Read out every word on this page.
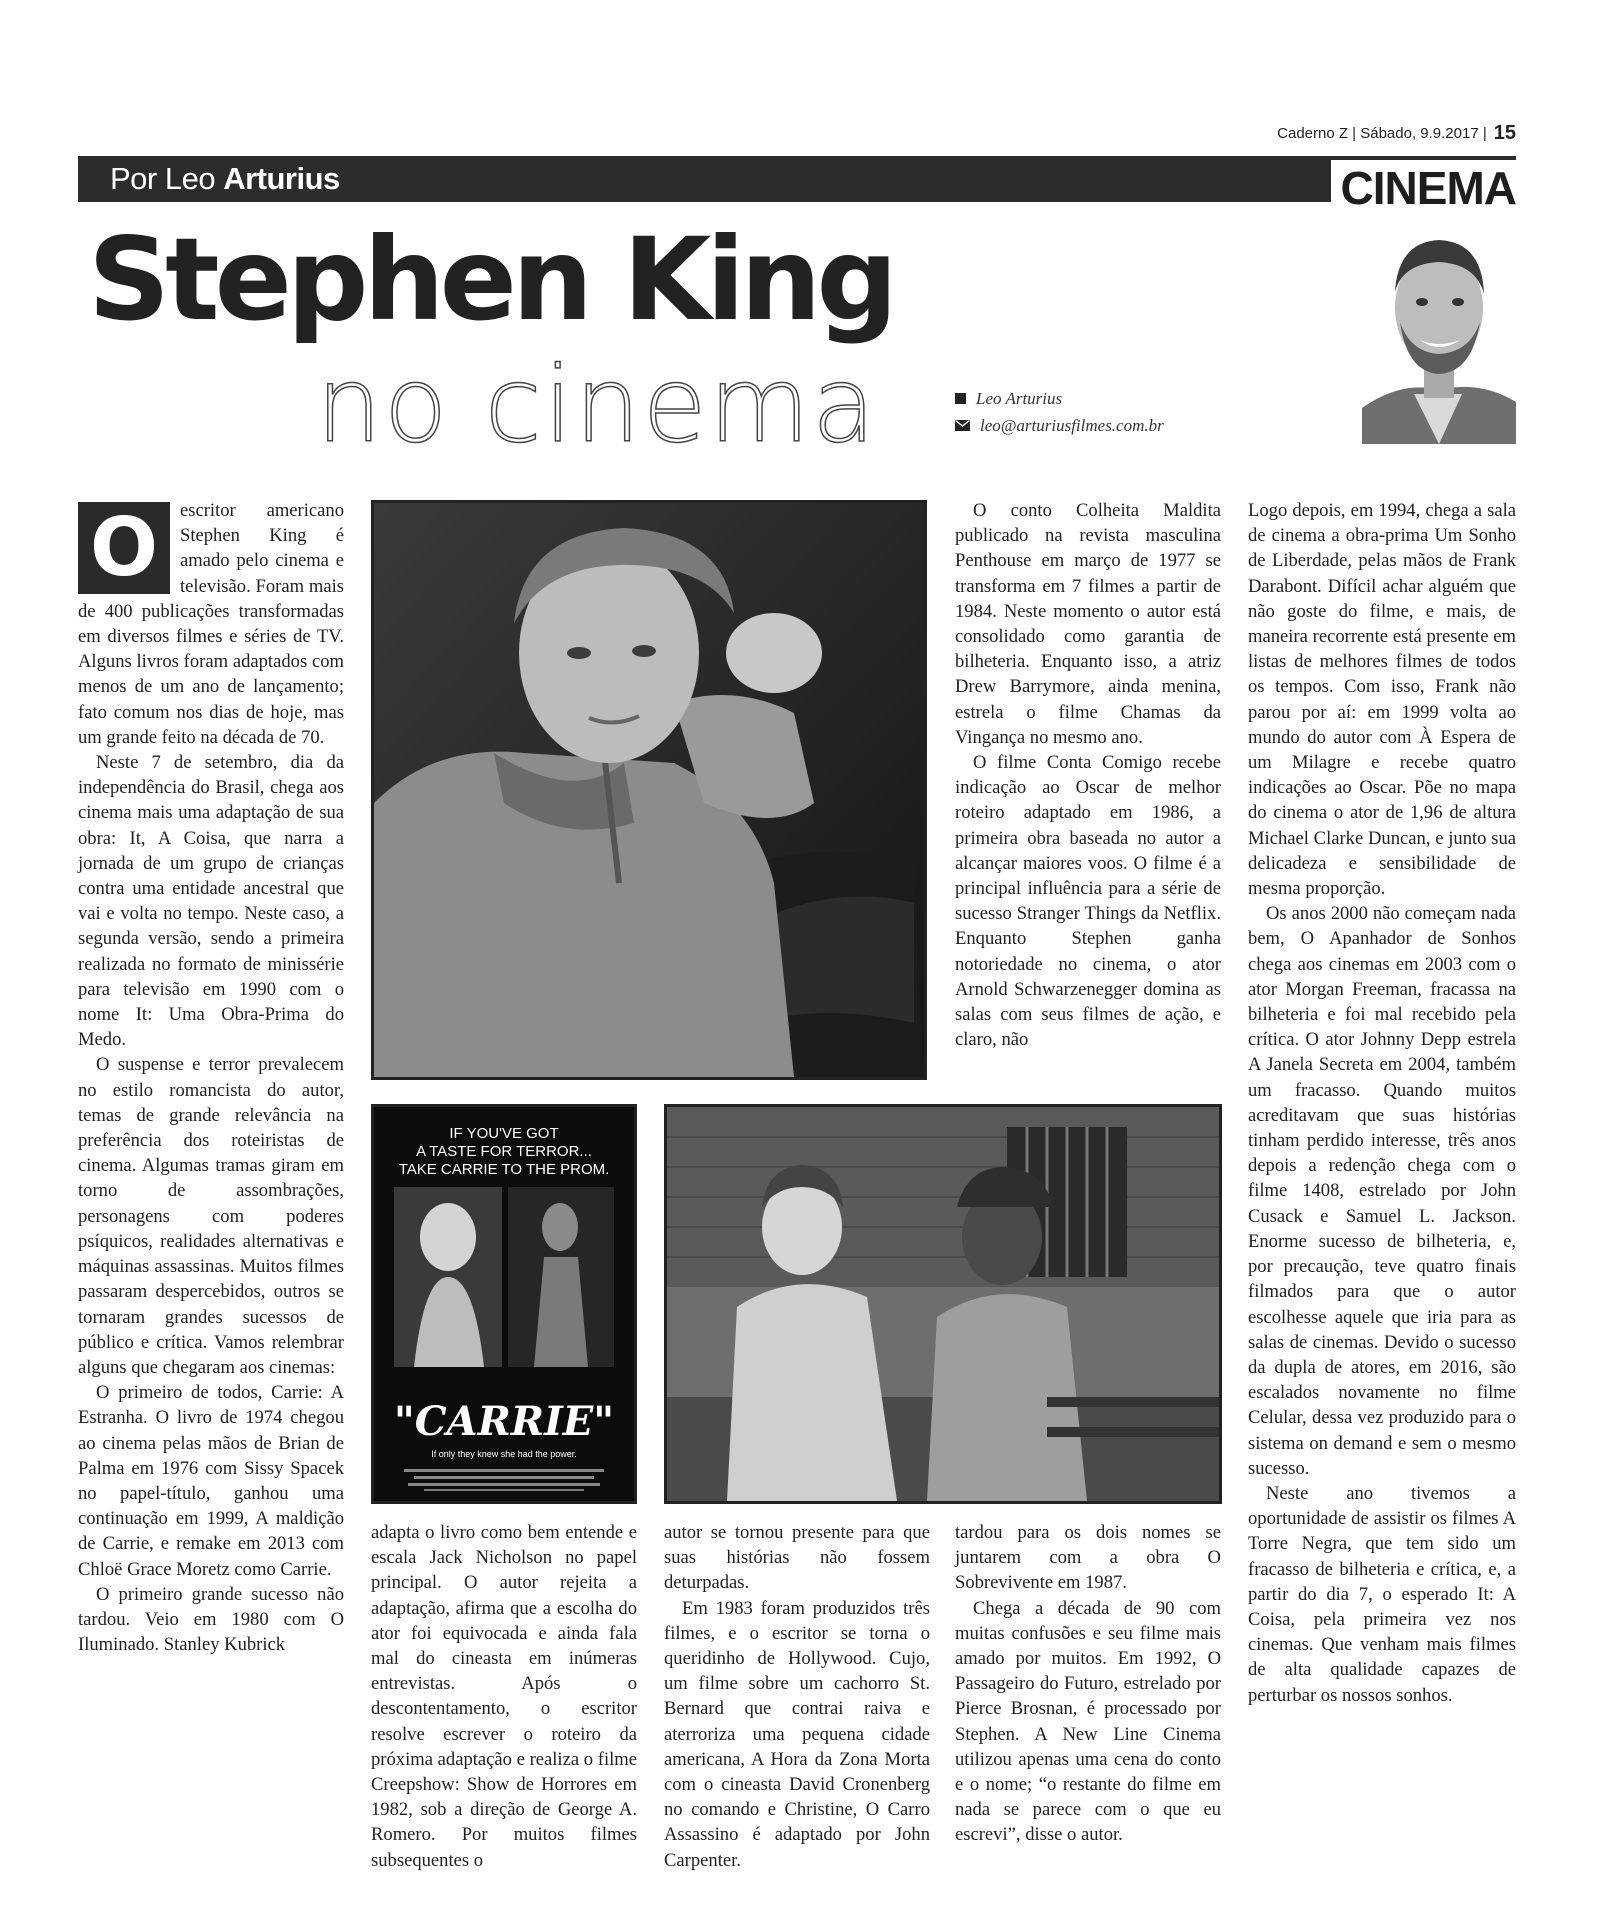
Caderno Z | Sábado, 9.9.2017 | 15
Por Leo Arturius	CINEMA
Stephen King
no cinema	Leo Arturius
leo@arturiusfilmes.com.br

O	escritor americano Stephen King é amado pelo cinema e televisão. Foram mais de 400 publicações transformadas em diversos filmes e séries de TV. Alguns livros foram adaptados com menos de um ano de lançamento; fato comum nos dias de hoje, mas um grande feito na década de 70.

Neste 7 de setembro, dia da independência do Brasil, chega aos cinema mais uma adaptação de sua obra: It, A Coisa, que narra a jornada de um grupo de crianças contra uma entidade ancestral que vai e volta no tempo. Neste caso, a segunda versão, sendo a primeira realizada no formato de minissérie para televisão em 1990 com o nome It: Uma Obra-Prima do Medo.

O suspense e terror prevalecem no estilo romancista do autor, temas de grande relevância na preferência dos roteiristas de cinema. Algumas tramas giram em torno de assombrações, personagens com poderes psíquicos, realidades alternativas e máquinas assassinas. Muitos filmes passaram despercebidos, outros se tornaram grandes sucessos de público e crítica. Vamos relembrar alguns que chegaram aos cinemas:

O primeiro de todos, Carrie: A Estranha. O livro de 1974 chegou ao cinema pelas mãos de Brian de Palma em 1976 com Sissy Spacek no papel-título, ganhou uma continuação em 1999, A maldição de Carrie, e remake em 2013 com Chloë Grace Moretz como Carrie.

O primeiro grande sucesso não tardou. Veio em 1980 com O Iluminado. Stanley Kubrick

IF YOU'VE GOT
A TASTE FOR TERROR...
TAKE CARRIE TO THE PROM.
"CARRIE"
If only they knew she had the power.

adapta o livro como bem entende e escala Jack Nicholson no papel principal. O autor rejeita a adaptação, afirma que a escolha do ator foi equivocada e ainda fala mal do cineasta em inúmeras entrevistas. Após o descontentamento, o escritor resolve escrever o roteiro da próxima adaptação e realiza o filme Creepshow: Show de Horrores em 1982, sob a direção de George A. Romero. Por muitos filmes subsequentes o

autor se tornou presente para que suas histórias não fossem deturpadas.

Em 1983 foram produzidos três filmes, e o escritor se torna o queridinho de Hollywood. Cujo, um filme sobre um cachorro St. Bernard que contrai raiva e aterroriza uma pequena cidade americana, A Hora da Zona Morta com o cineasta David Cronenberg no comando e Christine, O Carro Assassino é adaptado por John Carpenter.

O conto Colheita Maldita publicado na revista masculina Penthouse em março de 1977 se transforma em 7 filmes a partir de 1984. Neste momento o autor está consolidado como garantia de bilheteria. Enquanto isso, a atriz Drew Barrymore, ainda menina, estrela o filme Chamas da Vingança no mesmo ano.

O filme Conta Comigo recebe indicação ao Oscar de melhor roteiro adaptado em 1986, a primeira obra baseada no autor a alcançar maiores voos. O filme é a principal influência para a série de sucesso Stranger Things da Netflix. Enquanto Stephen ganha notoriedade no cinema, o ator Arnold Schwarzenegger domina as salas com seus filmes de ação, e claro, não

tardou para os dois nomes se juntarem com a obra O Sobrevivente em 1987.

Chega a década de 90 com muitas confusões e seu filme mais amado por muitos. Em 1992, O Passageiro do Futuro, estrelado por Pierce Brosnan, é processado por Stephen. A New Line Cinema utilizou apenas uma cena do conto e o nome; “o restante do filme em nada se parece com o que eu escrevi”, disse o autor.

Logo depois, em 1994, chega a sala de cinema a obra-prima Um Sonho de Liberdade, pelas mãos de Frank Darabont. Difícil achar alguém que não goste do filme, e mais, de maneira recorrente está presente em listas de melhores filmes de todos os tempos. Com isso, Frank não parou por aí: em 1999 volta ao mundo do autor com À Espera de um Milagre e recebe quatro indicações ao Oscar. Põe no mapa do cinema o ator de 1,96 de altura Michael Clarke Duncan, e junto sua delicadeza e sensibilidade de mesma proporção.

Os anos 2000 não começam nada bem, O Apanhador de Sonhos chega aos cinemas em 2003 com o ator Morgan Freeman, fracassa na bilheteria e foi mal recebido pela crítica. O ator Johnny Depp estrela A Janela Secreta em 2004, também um fracasso. Quando muitos acreditavam que suas histórias tinham perdido interesse, três anos depois a redenção chega com o filme 1408, estrelado por John Cusack e Samuel L. Jackson. Enorme sucesso de bilheteria, e, por precaução, teve quatro finais filmados para que o autor escolhesse aquele que iria para as salas de cinemas. Devido o sucesso da dupla de atores, em 2016, são escalados novamente no filme Celular, dessa vez produzido para o sistema on demand e sem o mesmo sucesso.

Neste ano tivemos a oportunidade de assistir os filmes A Torre Negra, que tem sido um fracasso de bilheteria e crítica, e, a partir do dia 7, o esperado It: A Coisa, pela primeira vez nos cinemas. Que venham mais filmes de alta qualidade capazes de perturbar os nossos sonhos.
